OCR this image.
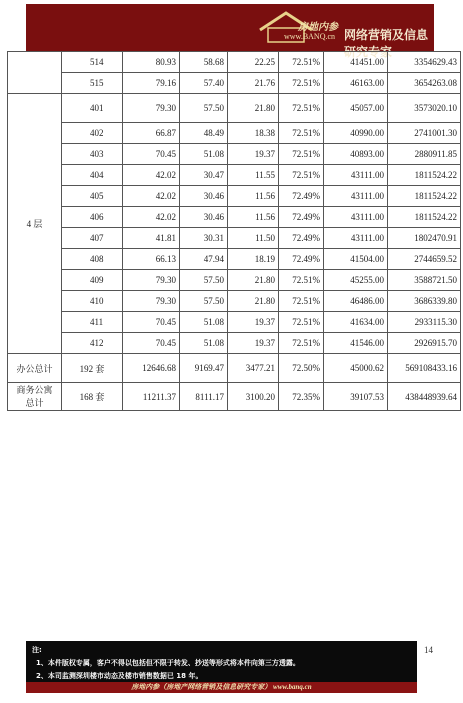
房地内参
www.BANQ.cn 网络营销及信息研究专家
	514	80.93	58.68	22.25	72.51%	41451.00	3354629.43
	515	79.16	57.40	21.76	72.51%	46163.00	3654263.08
4 层	401	79.30	57.50	21.80	72.51%	45057.00	3573020.10
	402	66.87	48.49	18.38	72.51%	40990.00	2741001.30
	403	70.45	51.08	19.37	72.51%	40893.00	2880911.85
	404	42.02	30.47	11.55	72.51%	43111.00	1811524.22
	405	42.02	30.46	11.56	72.49%	43111.00	1811524.22
	406	42.02	30.46	11.56	72.49%	43111.00	1811524.22
	407	41.81	30.31	11.50	72.49%	43111.00	1802470.91
	408	66.13	47.94	18.19	72.49%	41504.00	2744659.52
	409	79.30	57.50	21.80	72.51%	45255.00	3588721.50
	410	79.30	57.50	21.80	72.51%	46486.00	3686339.80
	411	70.45	51.08	19.37	72.51%	41634.00	2933115.30
	412	70.45	51.08	19.37	72.51%	41546.00	2926915.70
办公总计	192 套	12646.68	9169.47	3477.21	72.50%	45000.62	569108433.16
商务公寓
总计	168 套	11211.37	8111.17	3100.20	72.35%	39107.53	438448939.64
注:
1、本件版权专属，客户不得以包括但不限于转发、抄送等形式将本件向第三方透露。
2、本司监测深圳楼市动态及楼市销售数据已 18 年。
房地内参（房地产网络营销及信息研究专家） www.banq.cn
14
